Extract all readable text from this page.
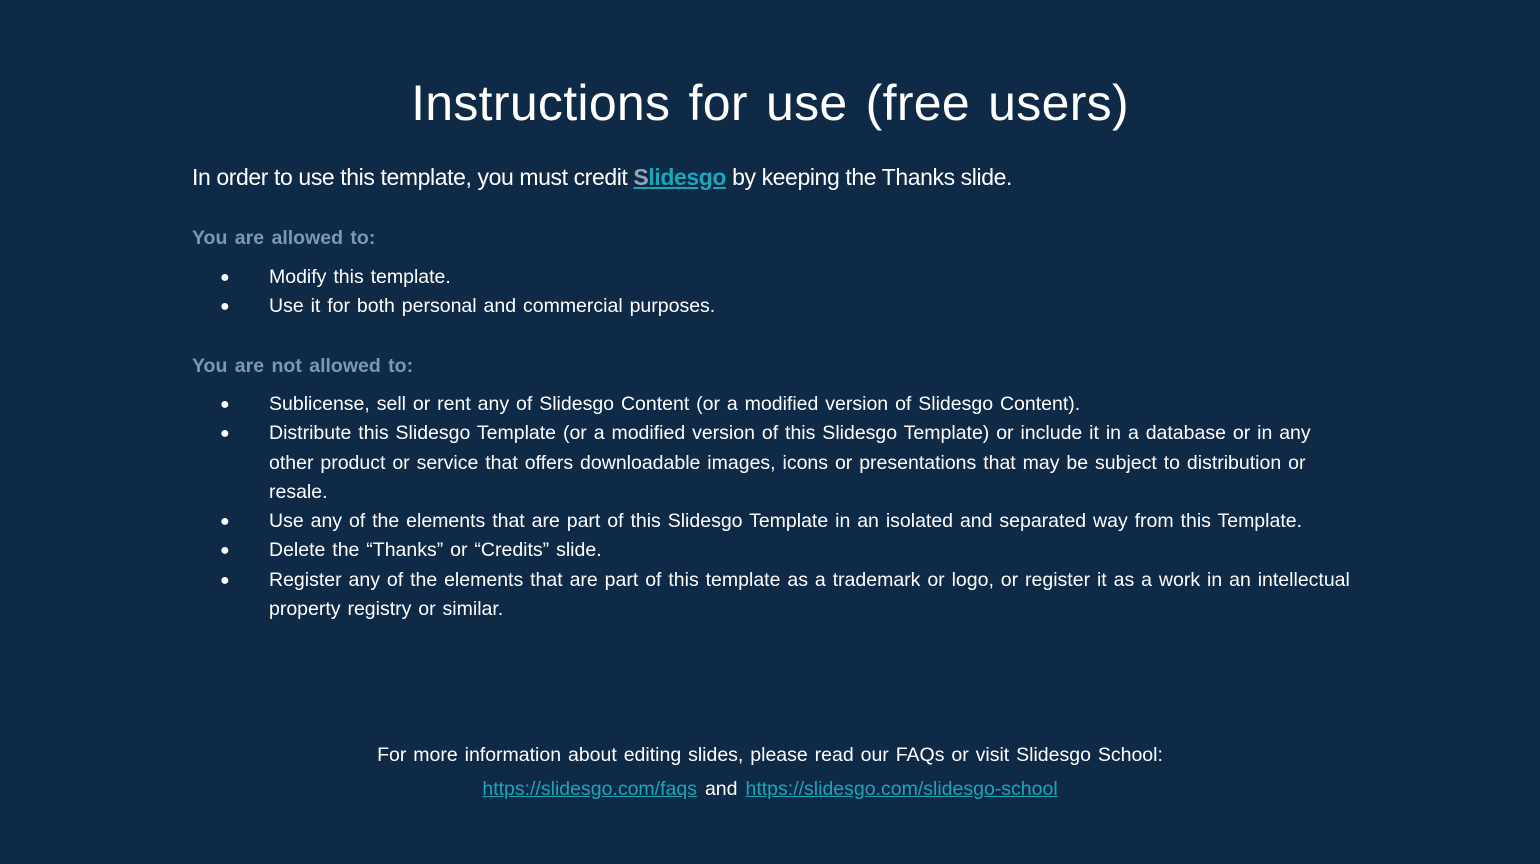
Instructions for use (free users)
In order to use this template, you must credit Slidesgo by keeping the Thanks slide.
You are allowed to:
● Modify this template.
● Use it for both personal and commercial purposes.
You are not allowed to:
● Sublicense, sell or rent any of Slidesgo Content (or a modified version of Slidesgo Content).
● Distribute this Slidesgo Template (or a modified version of this Slidesgo Template) or include it in a database or in any other product or service that offers downloadable images, icons or presentations that may be subject to distribution or resale.
● Use any of the elements that are part of this Slidesgo Template in an isolated and separated way from this Template.
● Delete the “Thanks” or “Credits” slide.
● Register any of the elements that are part of this template as a trademark or logo, or register it as a work in an intellectual property registry or similar.
For more information about editing slides, please read our FAQs or visit Slidesgo School:
https://slidesgo.com/faqs and https://slidesgo.com/slidesgo-school
